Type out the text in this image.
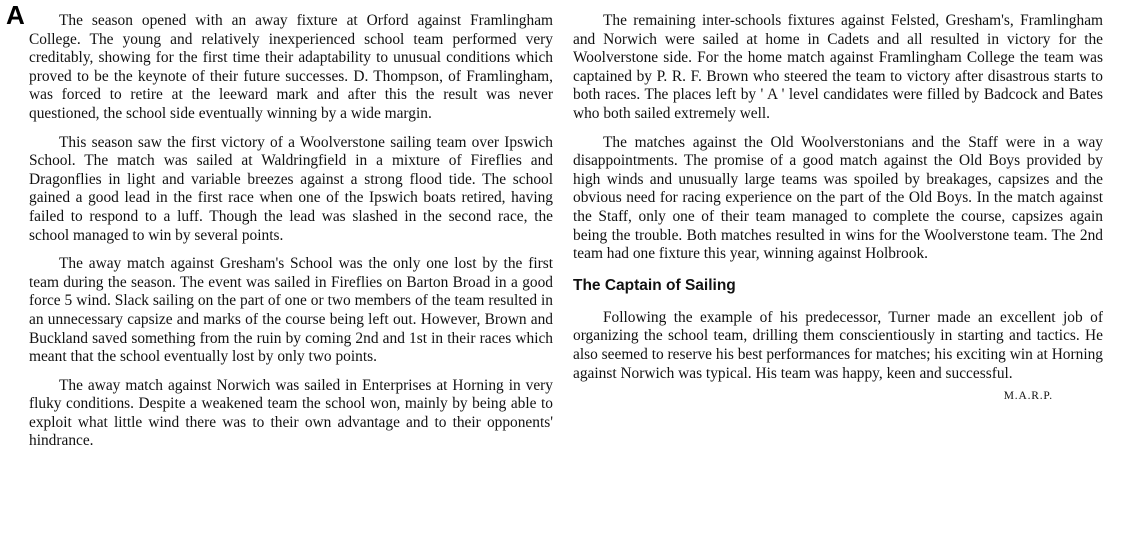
A	The season opened with an away fixture at Orford against Framlingham College. The young and relatively inexperienced school team performed very creditably, showing for the first time their adaptability to unusual conditions which proved to be the keynote of their future successes. D. Thompson, of Framlingham, was forced to retire at the leeward mark and after this the result was never questioned, the school side eventually winning by a wide margin.

This season saw the first victory of a Woolverstone sailing team over Ipswich School. The match was sailed at Waldringfield in a mixture of Fireflies and Dragonflies in light and variable breezes against a strong flood tide. The school gained a good lead in the first race when one of the Ipswich boats retired, having failed to respond to a luff. Though the lead was slashed in the second race, the school managed to win by several points.

The away match against Gresham's School was the only one lost by the first team during the season. The event was sailed in Fireflies on Barton Broad in a good force 5 wind. Slack sailing on the part of one or two members of the team resulted in an unnecessary capsize and marks of the course being left out. However, Brown and Buckland saved something from the ruin by coming 2nd and 1st in their races which meant that the school eventually lost by only two points.

The away match against Norwich was sailed in Enterprises at Horning in very fluky conditions. Despite a weakened team the school won, mainly by being able to exploit what little wind there was to their own advantage and to their opponents' hindrance.

The remaining inter-schools fixtures against Felsted, Gresham's, Framlingham and Norwich were sailed at home in Cadets and all resulted in victory for the Woolverstone side. For the home match against Framlingham College the team was captained by P. R. F. Brown who steered the team to victory after disastrous starts to both races. The places left by ' A ' level candidates were filled by Badcock and Bates who both sailed extremely well.

The matches against the Old Woolverstonians and the Staff were in a way disappointments. The promise of a good match against the Old Boys provided by high winds and unusually large teams was spoiled by breakages, capsizes and the obvious need for racing experience on the part of the Old Boys. In the match against the Staff, only one of their team managed to complete the course, capsizes again being the trouble. Both matches resulted in wins for the Woolverstone team. The 2nd team had one fixture this year, winning against Holbrook.

The Captain of Sailing

Following the example of his predecessor, Turner made an excellent job of organizing the school team, drilling them conscientiously in starting and tactics. He also seemed to reserve his best performances for matches; his exciting win at Horning against Norwich was typical. His team was happy, keen and successful.

M.A.R.P.
